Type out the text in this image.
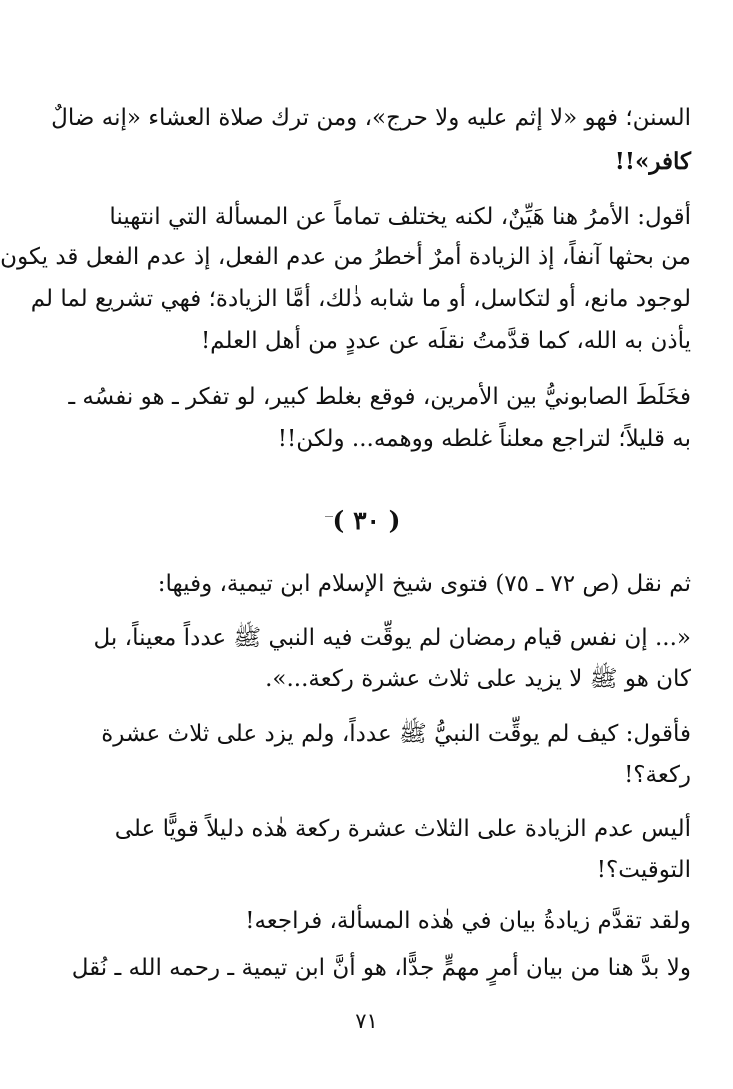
السنن؛ فهو «لا إثم عليه ولا حرج»، ومن ترك صلاة العشاء «إنه ضالٌ
كافر»!!
أقول: الأمرُ هنا هَيِّنٌ، لكنه يختلف تماماً عن المسألة التي انتهينا
من بحثها آنفاً، إذ الزيادة أمرٌ أخطرُ من عدم الفعل، إذ عدم الفعل قد يكون
لوجود مانع، أو لتكاسل، أو ما شابه ذٰلك، أمَّا الزيادة؛ فهي تشريع لما لم
يأذن به الله، كما قدَّمتُ نقلَه عن عددٍ من أهل العلم!
فخَلَطَ الصابونيُّ بين الأمرين، فوقع بغلط كبير، لو تفكر ـ هو نفسُه ـ
به قليلاً؛ لتراجع معلناً غلطه ووهمه... ولكن!!
( ٣٠ )
ثم نقل (ص ٧٢ ـ ٧٥) فتوى شيخ الإسلام ابن تيمية، وفيها:
«... إن نفس قيام رمضان لم يوقِّت فيه النبي ﷺ عدداً معيناً، بل
كان هو ﷺ لا يزيد على ثلاث عشرة ركعة...».
فأقول: كيف لم يوقِّت النبيُّ ﷺ عدداً، ولم يزد على ثلاث عشرة
ركعة؟!
أليس عدم الزيادة على الثلاث عشرة ركعة هٰذه دليلاً قويًّا على
التوقيت؟!
ولقد تقدَّم زيادةُ بيان في هٰذه المسألة، فراجعه!
ولا بدَّ هنا من بيان أمرٍ مهمٍّ جدًّا، هو أنَّ ابن تيمية ـ رحمه الله ـ نُقل
٧١
